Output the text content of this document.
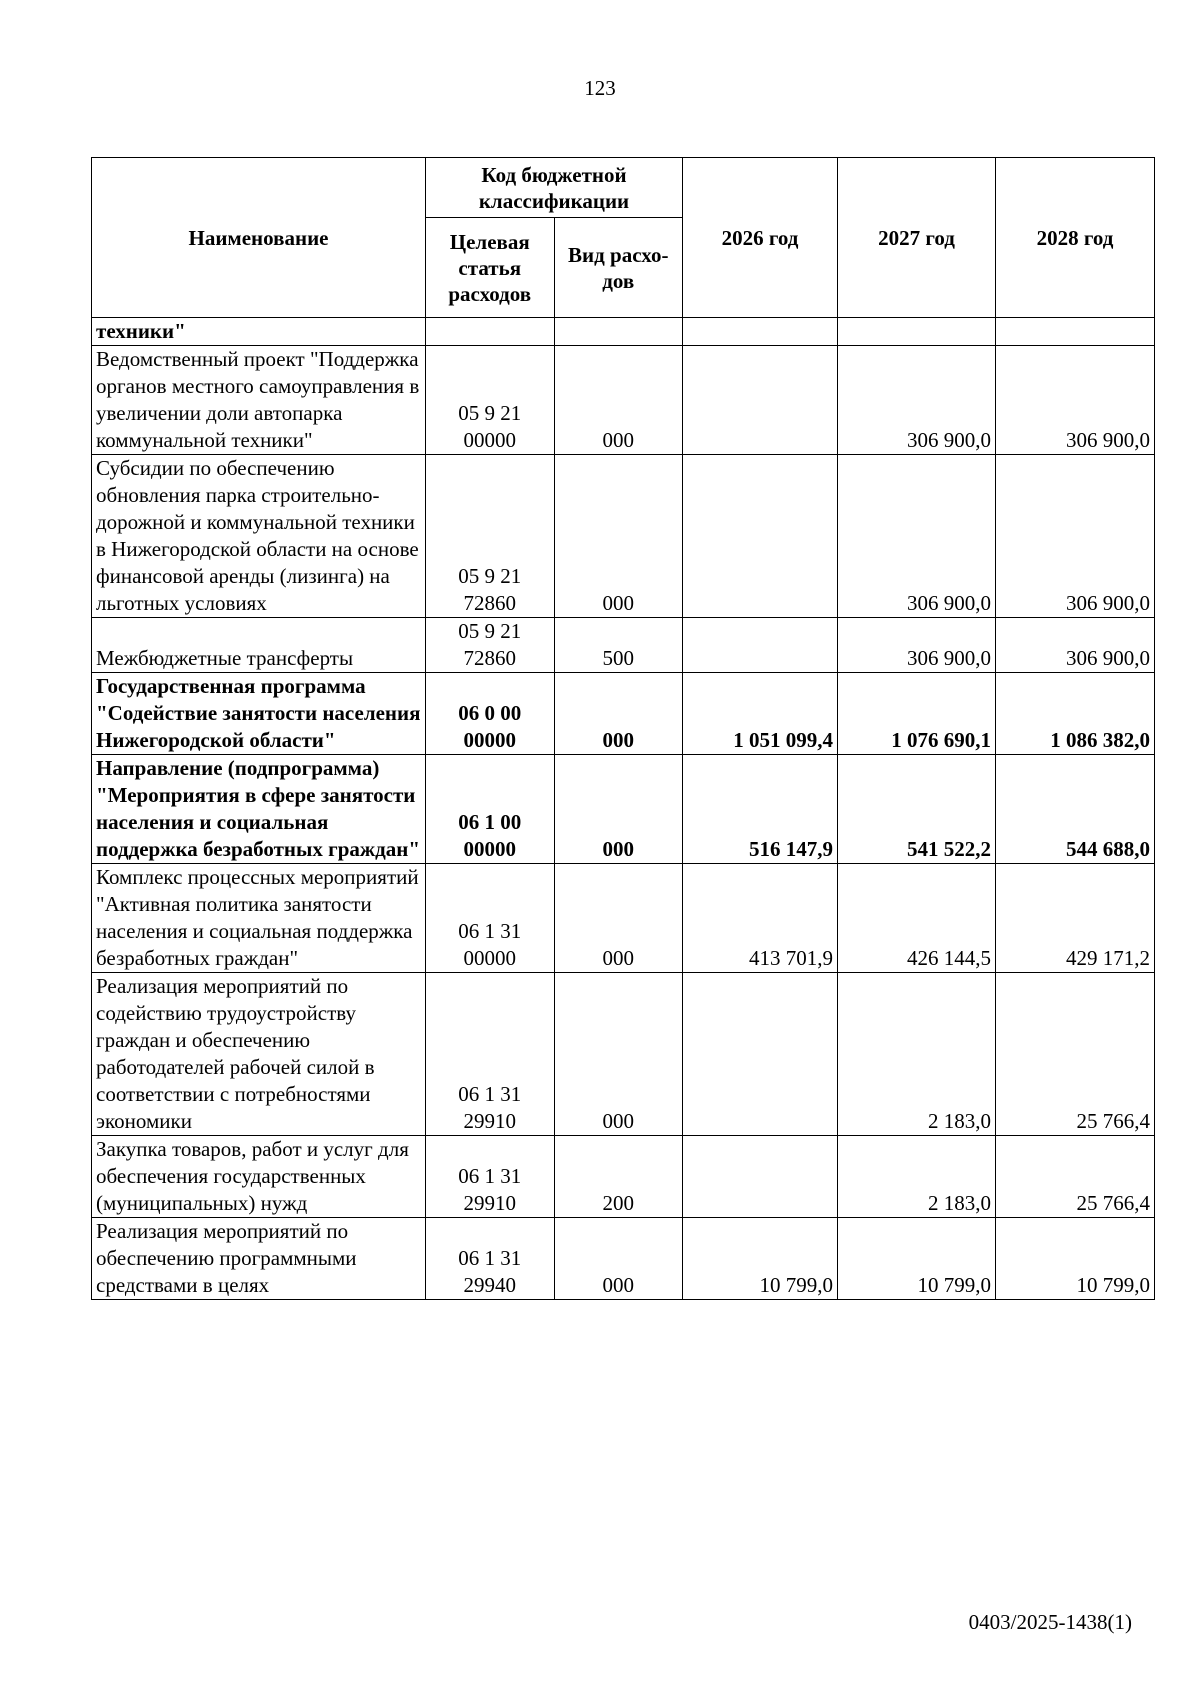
123
Наименование	Код бюджетной классификации		2026 год	2027 год	2028 год
	Целевая статья расходов	Вид расхо-дов			
техники"					
Ведомственный проект "Поддержка органов местного самоуправления в увеличении доли автопарка коммунальной техники"	05 9 21 00000	000		306 900,0	306 900,0
Субсидии по обеспечению обновления парка строительно-дорожной и коммунальной техники в Нижегородской области на основе финансовой аренды (лизинга) на льготных условиях	05 9 21 72860	000		306 900,0	306 900,0
Межбюджетные трансферты	05 9 21 72860	500		306 900,0	306 900,0
Государственная программа "Содействие занятости населения Нижегородской области"	06 0 00 00000	000	1 051 099,4	1 076 690,1	1 086 382,0
Направление (подпрограмма) "Мероприятия в сфере занятости населения и социальная поддержка безработных граждан"	06 1 00 00000	000	516 147,9	541 522,2	544 688,0
Комплекс процессных мероприятий "Активная политика занятости населения и социальная поддержка безработных граждан"	06 1 31 00000	000	413 701,9	426 144,5	429 171,2
Реализация мероприятий по содействию трудоустройству граждан и обеспечению работодателей рабочей силой в соответствии с потребностями экономики	06 1 31 29910	000		2 183,0	25 766,4
Закупка товаров, работ и услуг для обеспечения государственных (муниципальных) нужд	06 1 31 29910	200		2 183,0	25 766,4
Реализация мероприятий по обеспечению программными средствами в целях	06 1 31 29940	000	10 799,0	10 799,0	10 799,0
0403/2025-1438(1)
